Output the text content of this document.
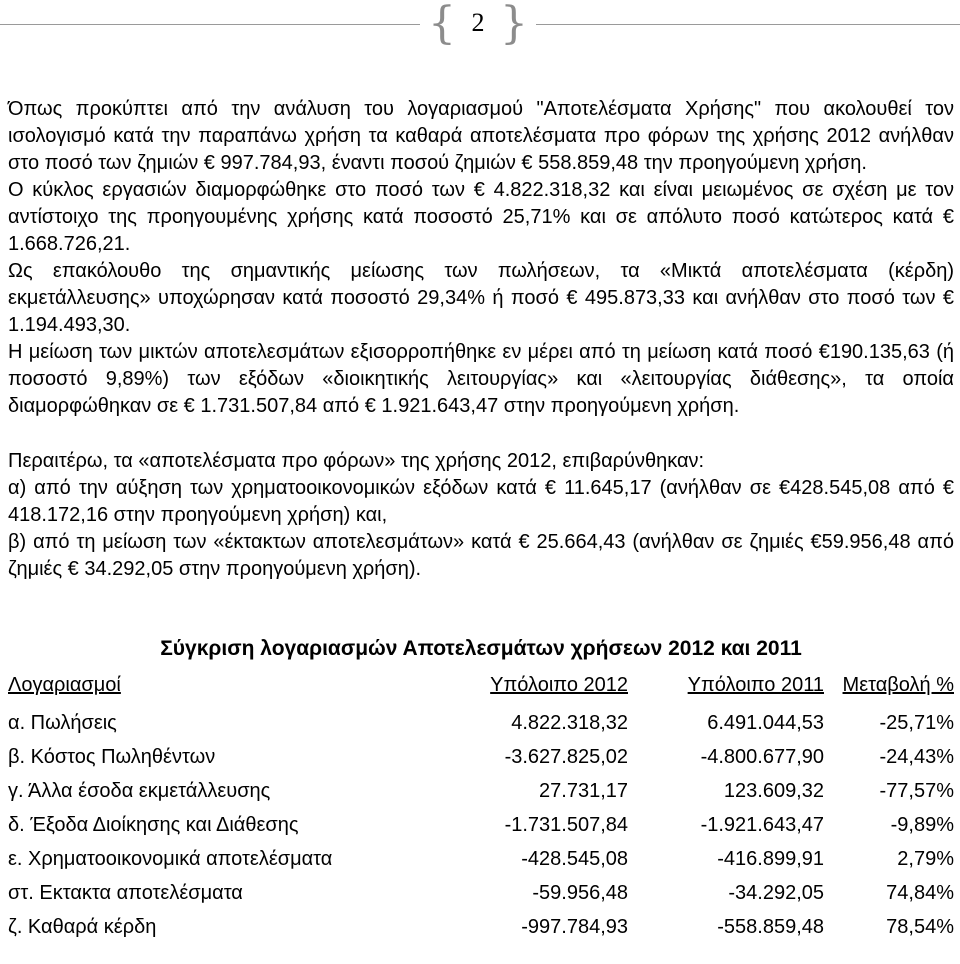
{ 2 }

Όπως προκύπτει από την ανάλυση του λογαριασμού "Αποτελέσματα Χρήσης" που ακολουθεί τον ισολογισμό κατά την παραπάνω χρήση τα καθαρά αποτελέσματα προ φόρων της χρήσης 2012 ανήλθαν στο ποσό των ζημιών € 997.784,93, έναντι ποσού ζημιών € 558.859,48 την προηγούμενη χρήση.

Ο κύκλος εργασιών διαμορφώθηκε στο ποσό των € 4.822.318,32 και είναι μειωμένος σε σχέση με τον αντίστοιχο της προηγουμένης χρήσης κατά ποσοστό 25,71% και σε απόλυτο ποσό κατώτερος κατά € 1.668.726,21.

Ως επακόλουθο της σημαντικής μείωσης των πωλήσεων, τα «Μικτά αποτελέσματα (κέρδη) εκμετάλλευσης» υποχώρησαν κατά ποσοστό 29,34% ή ποσό € 495.873,33 και ανήλθαν στο ποσό των € 1.194.493,30.

Η μείωση των μικτών αποτελεσμάτων εξισορροπήθηκε εν μέρει από τη μείωση κατά ποσό €190.135,63 (ή ποσοστό 9,89%) των εξόδων «διοικητικής λειτουργίας» και «λειτουργίας διάθεσης», τα οποία διαμορφώθηκαν σε € 1.731.507,84 από € 1.921.643,47 στην προηγούμενη χρήση.

Περαιτέρω, τα «αποτελέσματα προ φόρων» της χρήσης 2012, επιβαρύνθηκαν:

α) από την αύξηση των χρηματοοικονομικών εξόδων κατά € 11.645,17 (ανήλθαν σε €428.545,08 από € 418.172,16 στην προηγούμενη χρήση) και,

β) από τη μείωση των «έκτακτων αποτελεσμάτων» κατά € 25.664,43 (ανήλθαν σε ζημιές €59.956,48 από ζημιές € 34.292,05 στην προηγούμενη χρήση).

Σύγκριση λογαριασμών Αποτελεσμάτων χρήσεων 2012 και 2011
Λογαριασμοί	Υπόλοιπο 2012	Υπόλοιπο 2011	Μεταβολή %
α. Πωλήσεις	4.822.318,32	6.491.044,53	-25,71%
β. Κόστος Πωληθέντων	-3.627.825,02	-4.800.677,90	-24,43%
γ. Άλλα έσοδα εκμετάλλευσης	27.731,17	123.609,32	-77,57%
δ. Έξοδα Διοίκησης και Διάθεσης	-1.731.507,84	-1.921.643,47	-9,89%
ε. Χρηματοοικονομικά αποτελέσματα	-428.545,08	-416.899,91	2,79%
στ. Εκτακτα αποτελέσματα	-59.956,48	-34.292,05	74,84%
ζ. Καθαρά κέρδη	-997.784,93	-558.859,48	78,54%
